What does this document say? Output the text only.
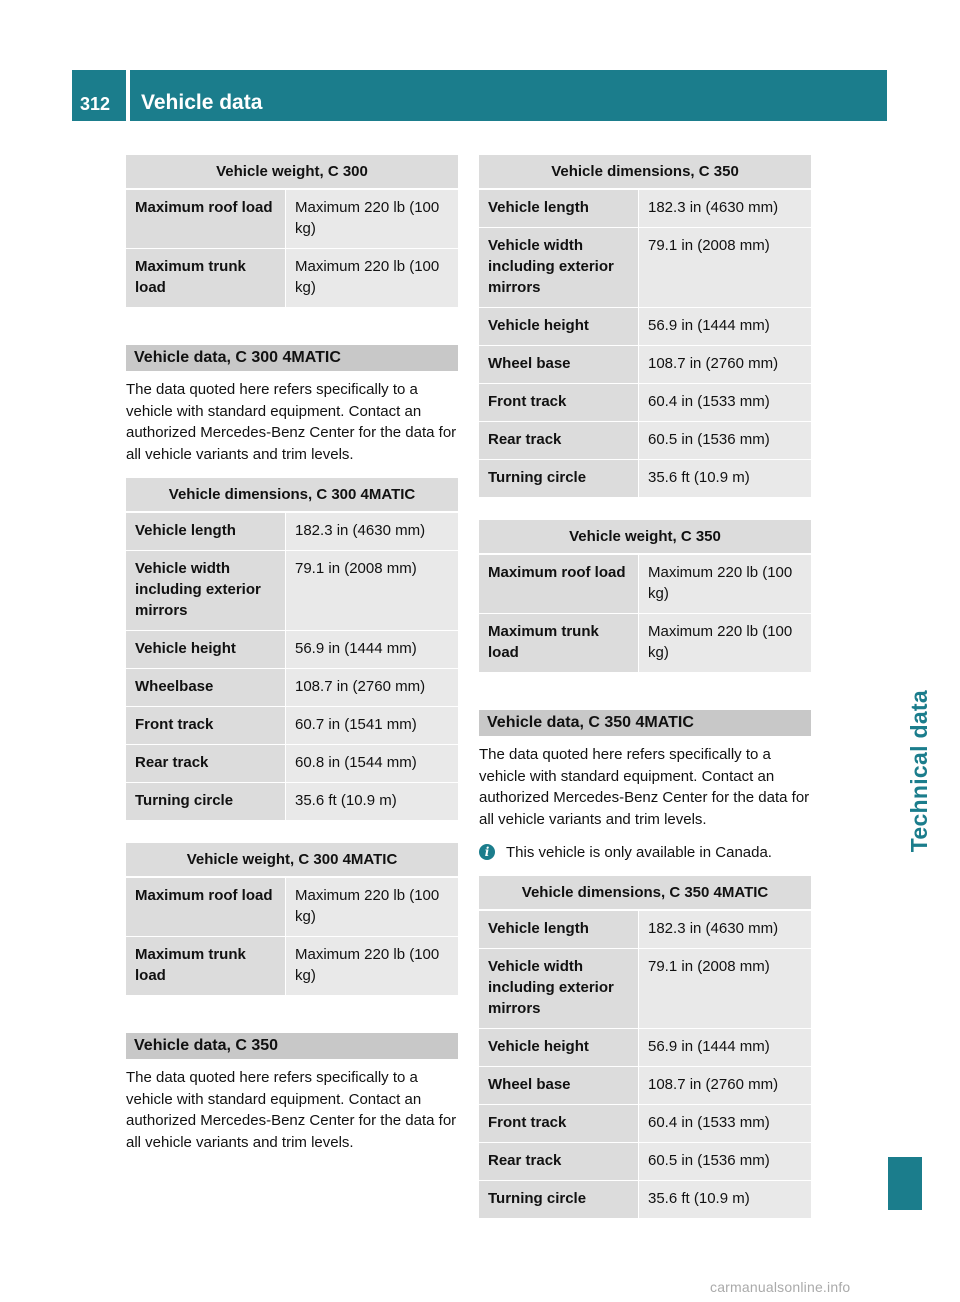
312 Vehicle data
Technical data
Vehicle weight, C 300	
Maximum roof load	Maximum 220 lb (100 kg)
Maximum trunk load	Maximum 220 lb (100 kg)
Vehicle data, C 300 4MATIC
The data quoted here refers specifically to a vehicle with standard equipment. Contact an authorized Mercedes-Benz Center for the data for all vehicle variants and trim levels.
Vehicle dimensions, C 300 4MATIC	
Vehicle length	182.3 in (4630 mm)
Vehicle width including exterior mirrors	79.1 in (2008 mm)
Vehicle height	56.9 in (1444 mm)
Wheelbase	108.7 in (2760 mm)
Front track	60.7 in (1541 mm)
Rear track	60.8 in (1544 mm)
Turning circle	35.6 ft (10.9 m)
Vehicle weight, C 300 4MATIC	
Maximum roof load	Maximum 220 lb (100 kg)
Maximum trunk load	Maximum 220 lb (100 kg)
Vehicle data, C 350
The data quoted here refers specifically to a vehicle with standard equipment. Contact an authorized Mercedes-Benz Center for the data for all vehicle variants and trim levels.
Vehicle dimensions, C 350	
Vehicle length	182.3 in (4630 mm)
Vehicle width including exterior mirrors	79.1 in (2008 mm)
Vehicle height	56.9 in (1444 mm)
Wheel base	108.7 in (2760 mm)
Front track	60.4 in (1533 mm)
Rear track	60.5 in (1536 mm)
Turning circle	35.6 ft (10.9 m)
Vehicle weight, C 350	
Maximum roof load	Maximum 220 lb (100 kg)
Maximum trunk load	Maximum 220 lb (100 kg)
Vehicle data, C 350 4MATIC
The data quoted here refers specifically to a vehicle with standard equipment. Contact an authorized Mercedes-Benz Center for the data for all vehicle variants and trim levels.
i	This vehicle is only available in Canada.
Vehicle dimensions, C 350 4MATIC	
Vehicle length	182.3 in (4630 mm)
Vehicle width including exterior mirrors	79.1 in (2008 mm)
Vehicle height	56.9 in (1444 mm)
Wheel base	108.7 in (2760 mm)
Front track	60.4 in (1533 mm)
Rear track	60.5 in (1536 mm)
Turning circle	35.6 ft (10.9 m)
carmanualsonline.info
